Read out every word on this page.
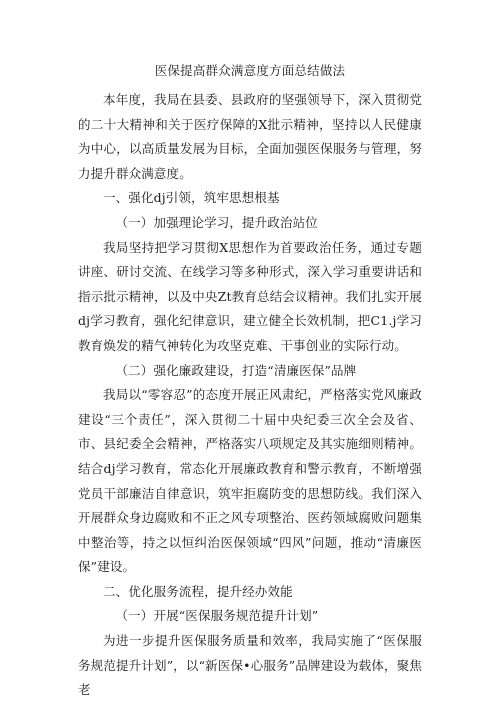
医保提高群众满意度方面总结做法

本年度，我局在县委、县政府的坚强领导下，深入贯彻党的二十大精神和关于医疗保障的X批示精神，坚持以人民健康为中心，以高质量发展为目标，全面加强医保服务与管理，努力提升群众满意度。

一、强化dj引领，筑牢思想根基

（一）加强理论学习，提升政治站位

我局坚持把学习贯彻X思想作为首要政治任务，通过专题讲座、研讨交流、在线学习等多种形式，深入学习重要讲话和指示批示精神，以及中央Zt教育总结会议精神。我们扎实开展dj学习教育，强化纪律意识，建立健全长效机制，把C1.j学习教育焕发的精气神转化为攻坚克难、干事创业的实际行动。

（二）强化廉政建设，打造“清廉医保”品牌

我局以“零容忍”的态度开展正风肃纪，严格落实党风廉政建设“三个责任”，深入贯彻二十届中央纪委三次全会及省、市、县纪委全会精神，严格落实八项规定及其实施细则精神。结合dj学习教育，常态化开展廉政教育和警示教育，不断增强党员干部廉洁自律意识，筑牢拒腐防变的思想防线。我们深入开展群众身边腐败和不正之风专项整治、医药领域腐败问题集中整治等，持之以恒纠治医保领域“四风”问题，推动“清廉医保”建设。

二、优化服务流程，提升经办效能

（一）开展“医保服务规范提升计划”

为进一步提升医保服务质量和效率，我局实施了“医保服务规范提升计划”，以“新医保•心服务”品牌建设为载体，聚焦老
